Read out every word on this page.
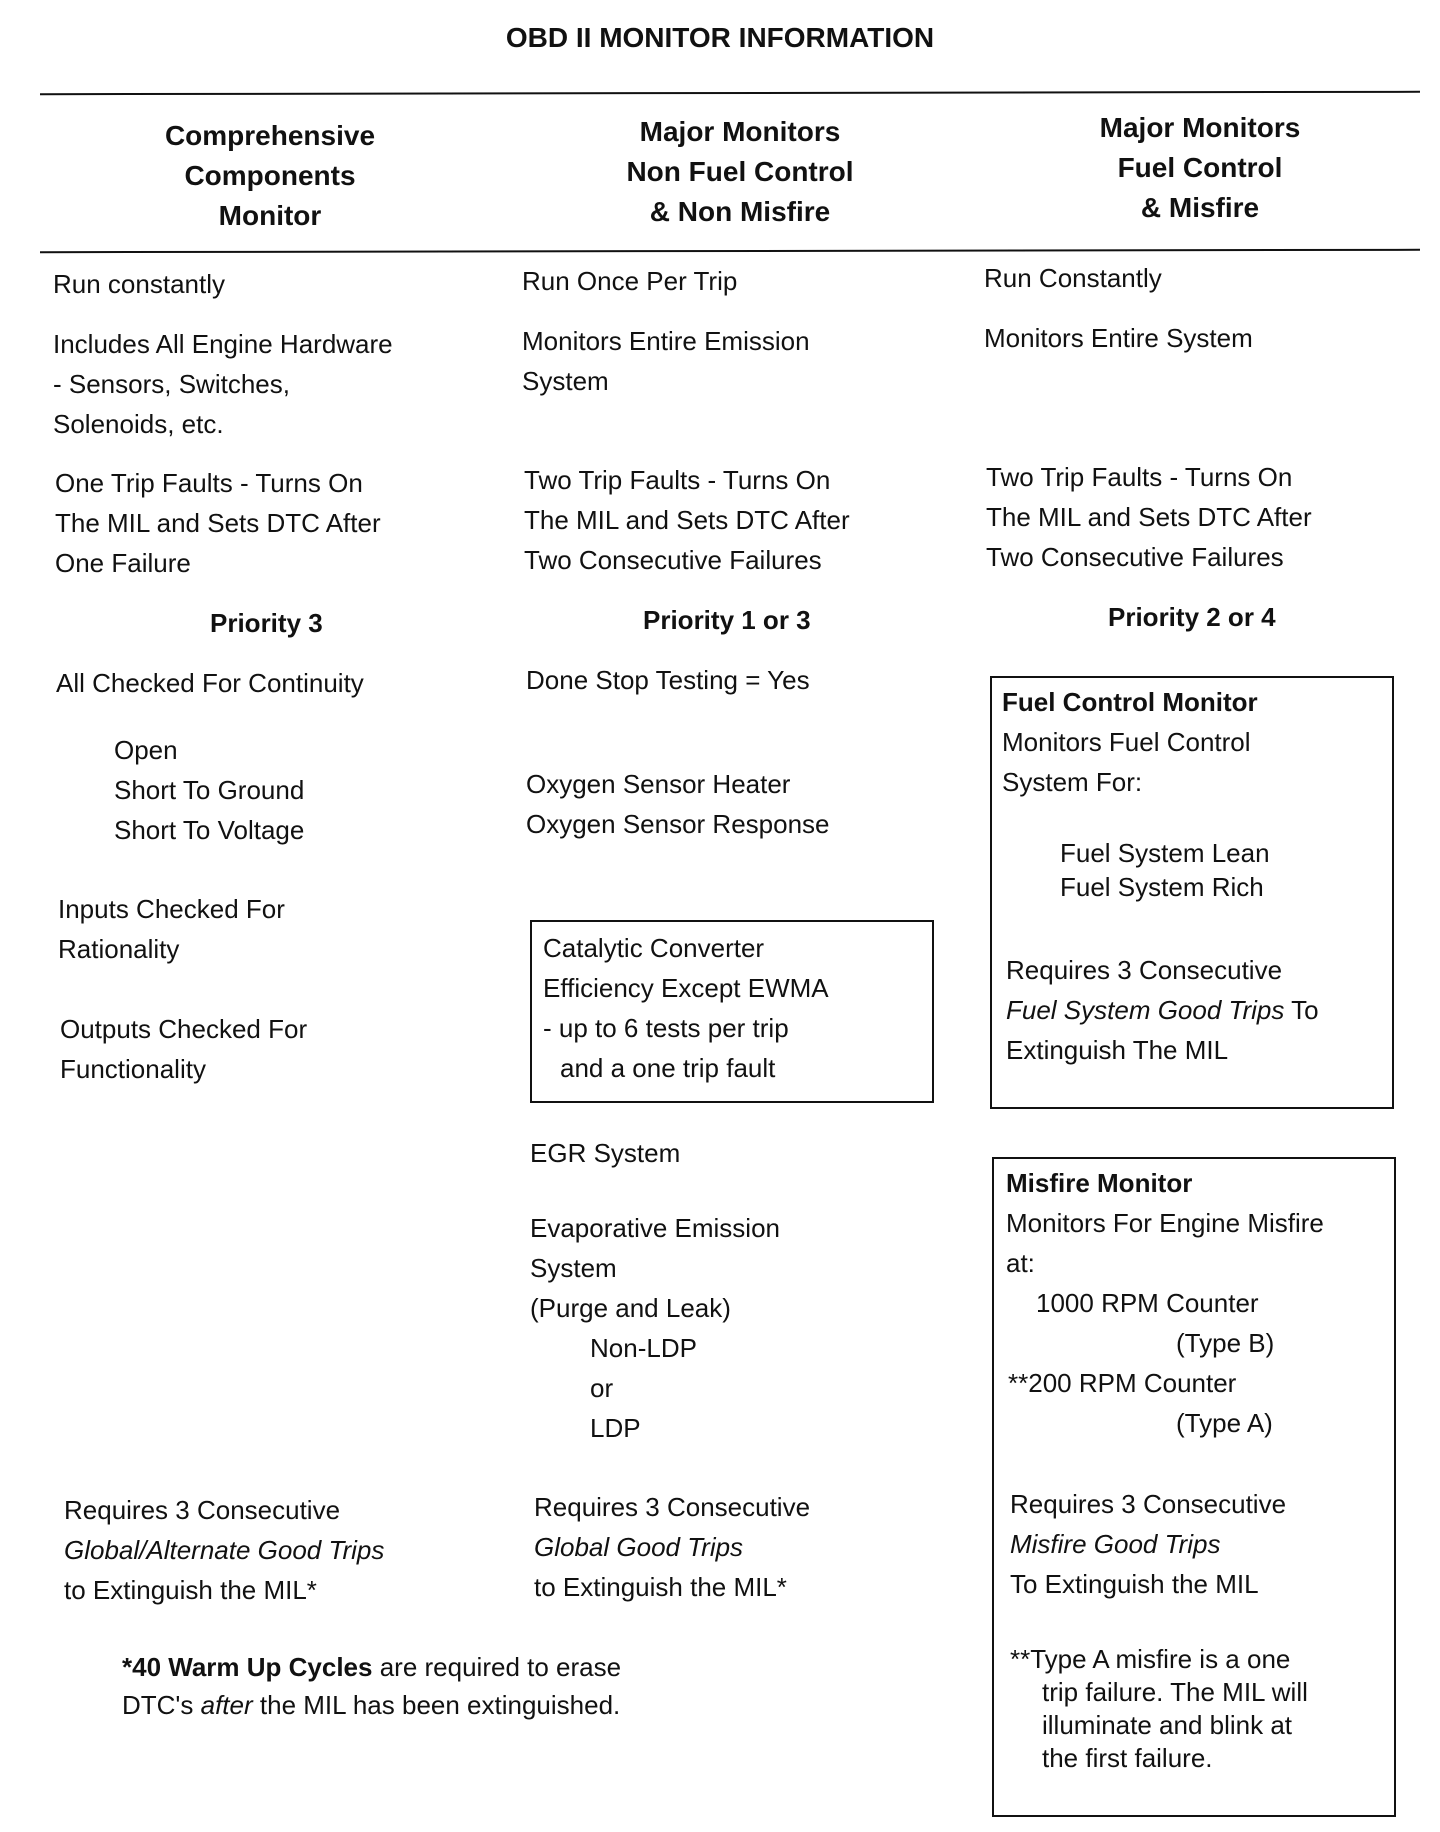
OBD II MONITOR INFORMATION
Comprehensive
Components
Monitor
Major Monitors
Non Fuel Control
& Non Misfire
Major Monitors
Fuel Control
& Misfire
Run constantly
Includes All Engine Hardware
- Sensors, Switches,
Solenoids, etc.
One Trip Faults - Turns On
The MIL and Sets DTC After
One Failure
Priority 3
All Checked For Continuity
Open
Short To Ground
Short To Voltage
Inputs Checked For
Rationality
Outputs Checked For
Functionality
Requires 3 Consecutive
Global/Alternate Good Trips
to Extinguish the MIL*
*40 Warm Up Cycles are required to erase
DTC's after the MIL has been extinguished.
Run Once Per Trip
Monitors Entire Emission
System
Two Trip Faults - Turns On
The MIL and Sets DTC After
Two Consecutive Failures
Priority 1 or 3
Done Stop Testing = Yes
Oxygen Sensor Heater
Oxygen Sensor Response
Catalytic Converter
Efficiency Except EWMA
- up to 6 tests per trip
and a one trip fault
EGR System
Evaporative Emission
System
(Purge and Leak)
Non-LDP
or
LDP
Requires 3 Consecutive
Global Good Trips
to Extinguish the MIL*
Run Constantly
Monitors Entire System
Two Trip Faults - Turns On
The MIL and Sets DTC After
Two Consecutive Failures
Priority 2 or 4
Fuel Control Monitor
Monitors Fuel Control
System For:
Fuel System Lean
Fuel System Rich
Requires 3 Consecutive
Fuel System Good Trips To
Extinguish The MIL
Misfire Monitor
Monitors For Engine Misfire
at:
1000 RPM Counter
(Type B)
**200 RPM Counter
(Type A)
Requires 3 Consecutive
Misfire Good Trips
To Extinguish the MIL
**Type A misfire is a one
trip failure. The MIL will
illuminate and blink at
the first failure.
